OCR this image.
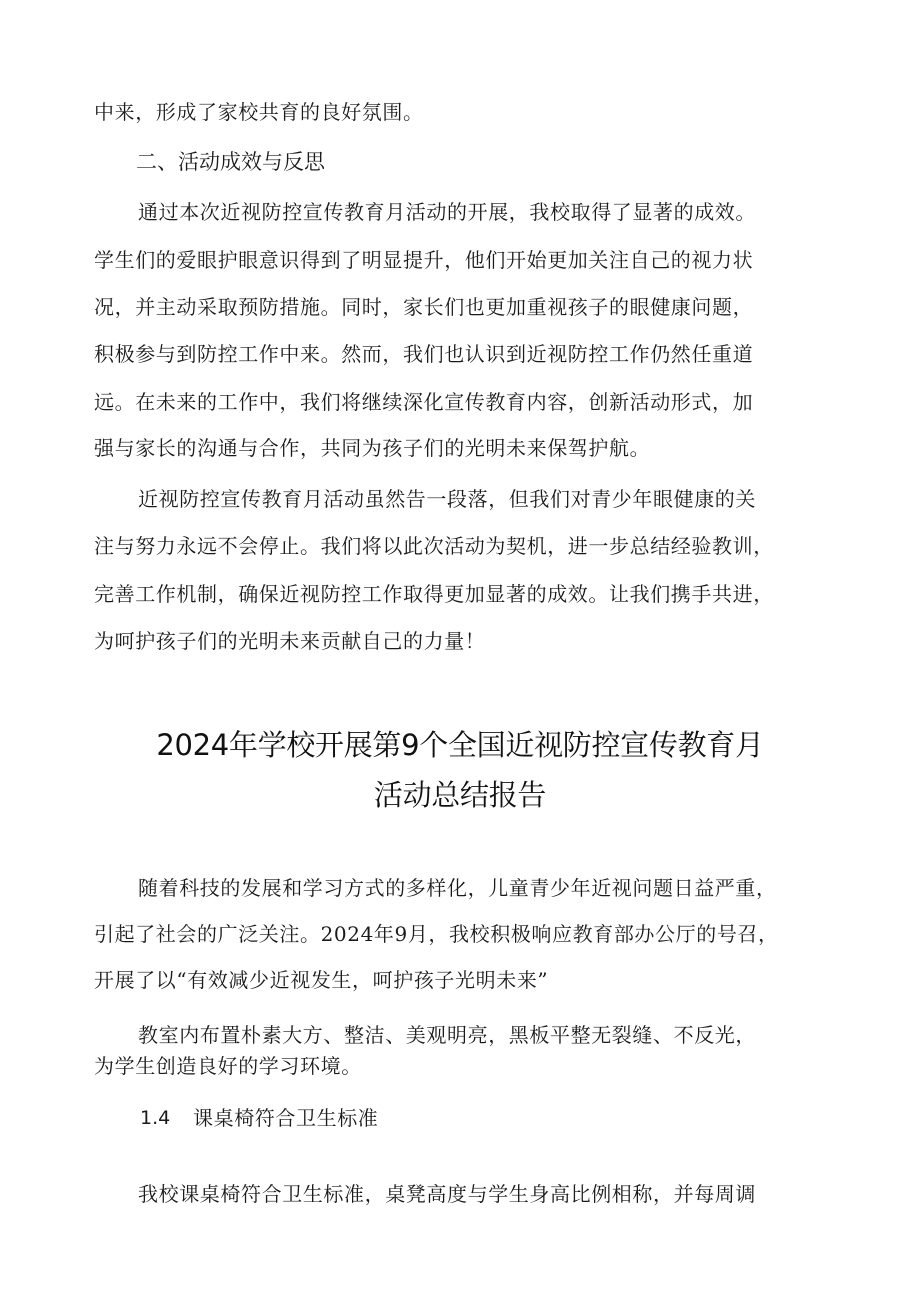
中来，形成了家校共育的良好氛围。
二、活动成效与反思
通过本次近视防控宣传教育月活动的开展，我校取得了显著的成效。
学生们的爱眼护眼意识得到了明显提升，他们开始更加关注自己的视力状
况，并主动采取预防措施。同时，家长们也更加重视孩子的眼健康问题，
积极参与到防控工作中来。然而，我们也认识到近视防控工作仍然任重道
远。在未来的工作中，我们将继续深化宣传教育内容，创新活动形式，加
强与家长的沟通与合作，共同为孩子们的光明未来保驾护航。
近视防控宣传教育月活动虽然告一段落，但我们对青少年眼健康的关
注与努力永远不会停止。我们将以此次活动为契机，进一步总结经验教训，
完善工作机制，确保近视防控工作取得更加显著的成效。让我们携手共进，
为呵护孩子们的光明未来贡献自己的力量！
2024年学校开展第9个全国近视防控宣传教育月
活动总结报告
随着科技的发展和学习方式的多样化，儿童青少年近视问题日益严重，
引起了社会的广泛关注。2024年9月，我校积极响应教育部办公厅的号召，
开展了以“有效减少近视发生，呵护孩子光明未来”
教室内布置朴素大方、整洁、美观明亮，黑板平整无裂缝、不反光，
为学生创造良好的学习环境。
1.4 课桌椅符合卫生标准
我校课桌椅符合卫生标准，桌凳高度与学生身高比例相称，并每周调
